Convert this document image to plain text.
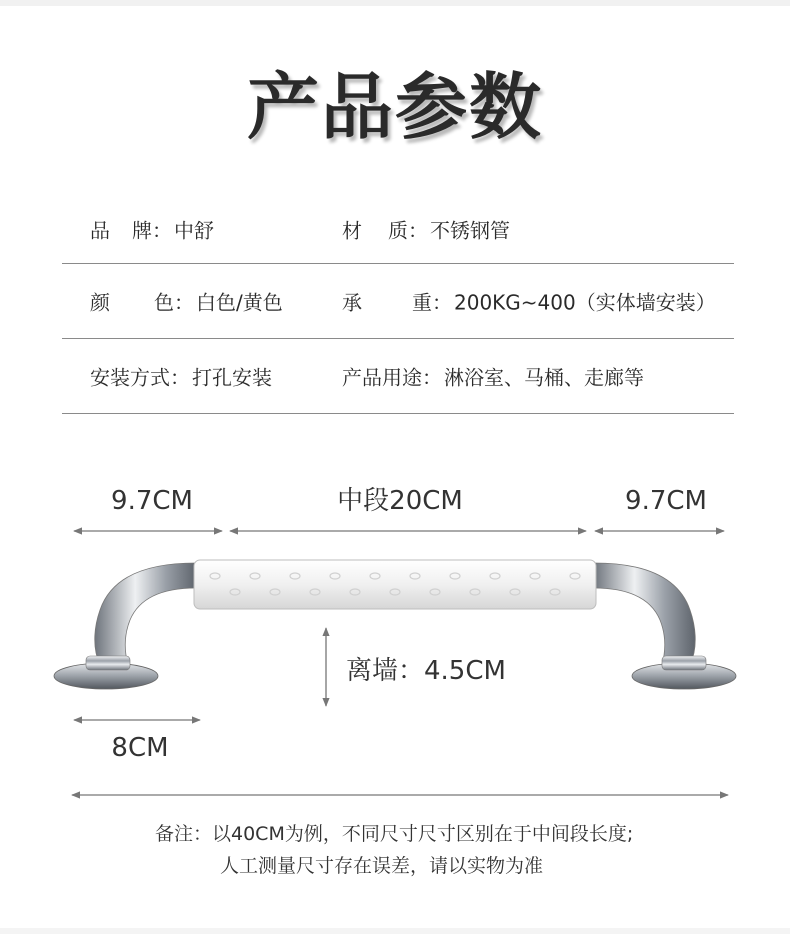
产品参数
品牌： 中舒	材质： 不锈钢管
颜色： 白色/黄色	承重： 200KG~400（实体墙安装）
安装方式： 打孔安装	产品用途： 淋浴室、马桶、走廊等
9.7CM	中段20CM	9.7CM
离墙：4.5CM
8CM
备注：以40CM为例，不同尺寸尺寸区别在于中间段长度;
人工测量尺寸存在误差，请以实物为准
